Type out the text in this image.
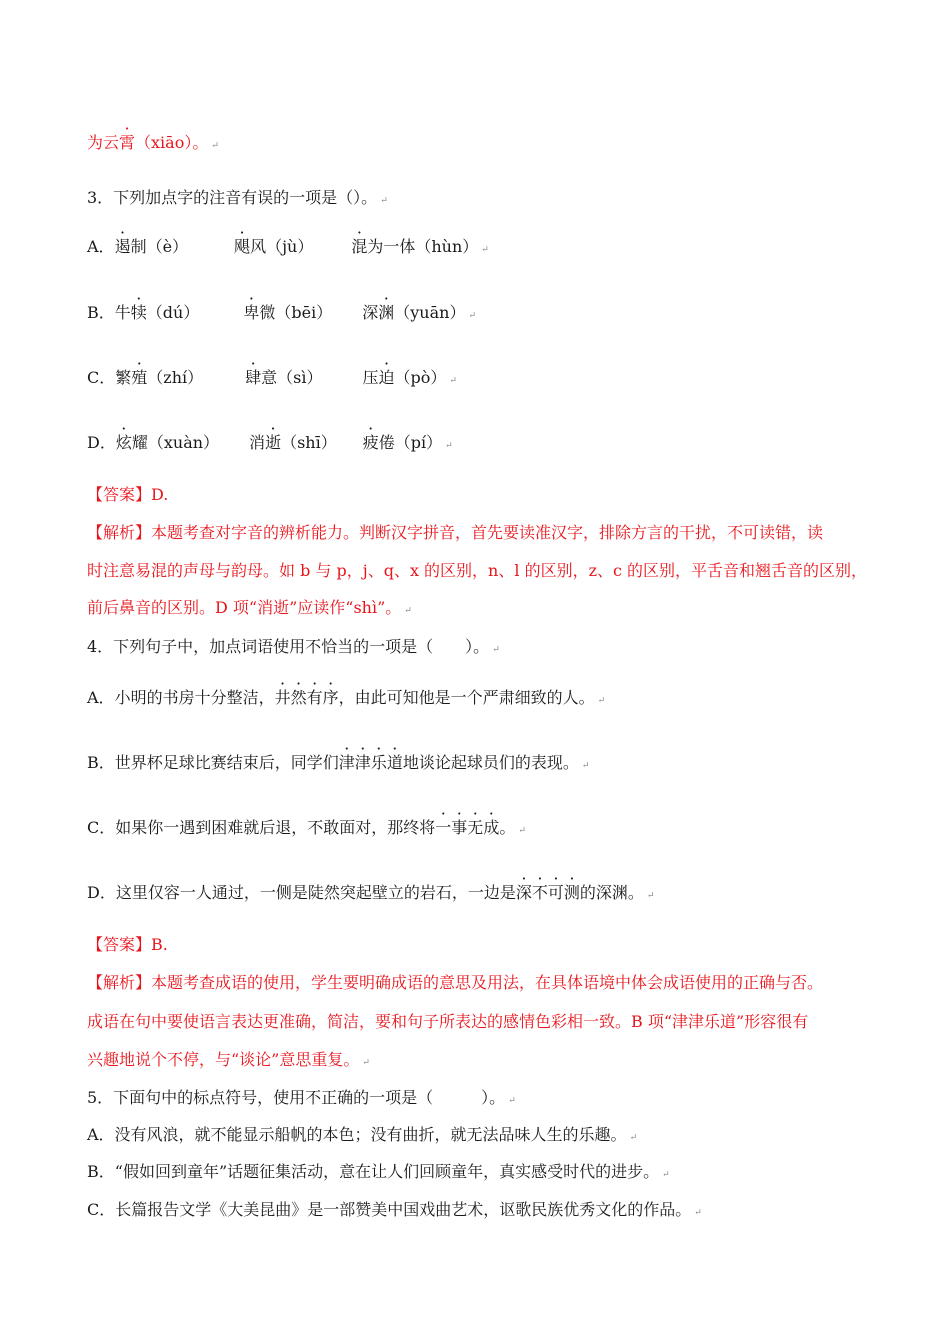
为云霄（xiāo）。 ↵
3．下列加点字的注音有误的一项是（）。 ↵
A．遏制（è）	飓风（jù） 混为一体（hùn） ↵
B．牛犊（dú）	卑微（bēi） 深渊（yuān） ↵
C．繁殖（zhí）	肆意（sì）	压迫（pò） ↵
D．炫耀（xuàn） 消逝（shī） 疲倦（pí） ↵
【答案】D.
【解析】本题考查对字音的辨析能力。判断汉字拼音，首先要读准汉字，排除方言的干扰，不可读错，读
时注意易混的声母与韵母。如 b 与 p，j、q、x 的区别，n、l 的区别，z、c 的区别，平舌音和翘舌音的区别，
前后鼻音的区别。D 项“消逝”应读作“shì”。 ↵
4．下列句子中，加点词语使用不恰当的一项是（　　）。 ↵
A．小明的书房十分整洁，井然有序，由此可知他是一个严肃细致的人。 ↵
B．世界杯足球比赛结束后，同学们津津乐道地谈论起球员们的表现。 ↵
C．如果你一遇到困难就后退，不敢面对，那终将一事无成。 ↵
D．这里仅容一人通过，一侧是陡然突起壁立的岩石，一边是深不可测的深渊。 ↵
【答案】B.
【解析】本题考查成语的使用，学生要明确成语的意思及用法，在具体语境中体会成语使用的正确与否。
成语在句中要使语言表达更准确，简洁，要和句子所表达的感情色彩相一致。B 项“津津乐道”形容很有
兴趣地说个不停，与“谈论”意思重复。 ↵
5．下面句中的标点符号，使用不正确的一项是（　　　）。 ↵
A．没有风浪，就不能显示船帆的本色；没有曲折，就无法品味人生的乐趣。 ↵
B．“假如回到童年”话题征集活动，意在让人们回顾童年，真实感受时代的进步。 ↵
C．长篇报告文学《大美昆曲》是一部赞美中国戏曲艺术，讴歌民族优秀文化的作品。 ↵
